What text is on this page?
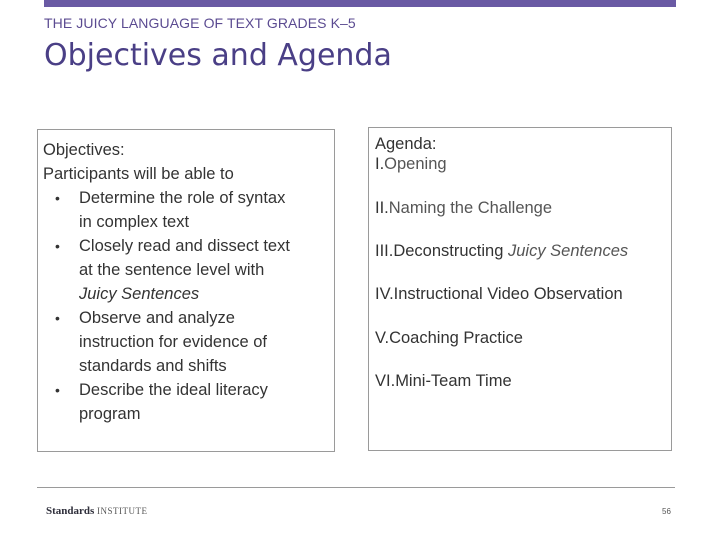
THE JUICY LANGUAGE OF TEXT GRADES K–5
Objectives and Agenda
Objectives:
Participants will be able to
• Determine the role of syntax
in complex text
• Closely read and dissect text
at the sentence level with
Juicy Sentences
• Observe and analyze
instruction for evidence of
standards and shifts
• Describe the ideal literacy
program
Agenda:
I.Opening
II.Naming the Challenge
III.Deconstructing Juicy Sentences
IV.Instructional Video Observation
V.Coaching Practice
VI.Mini-Team Time
Standards INSTITUTE	56
